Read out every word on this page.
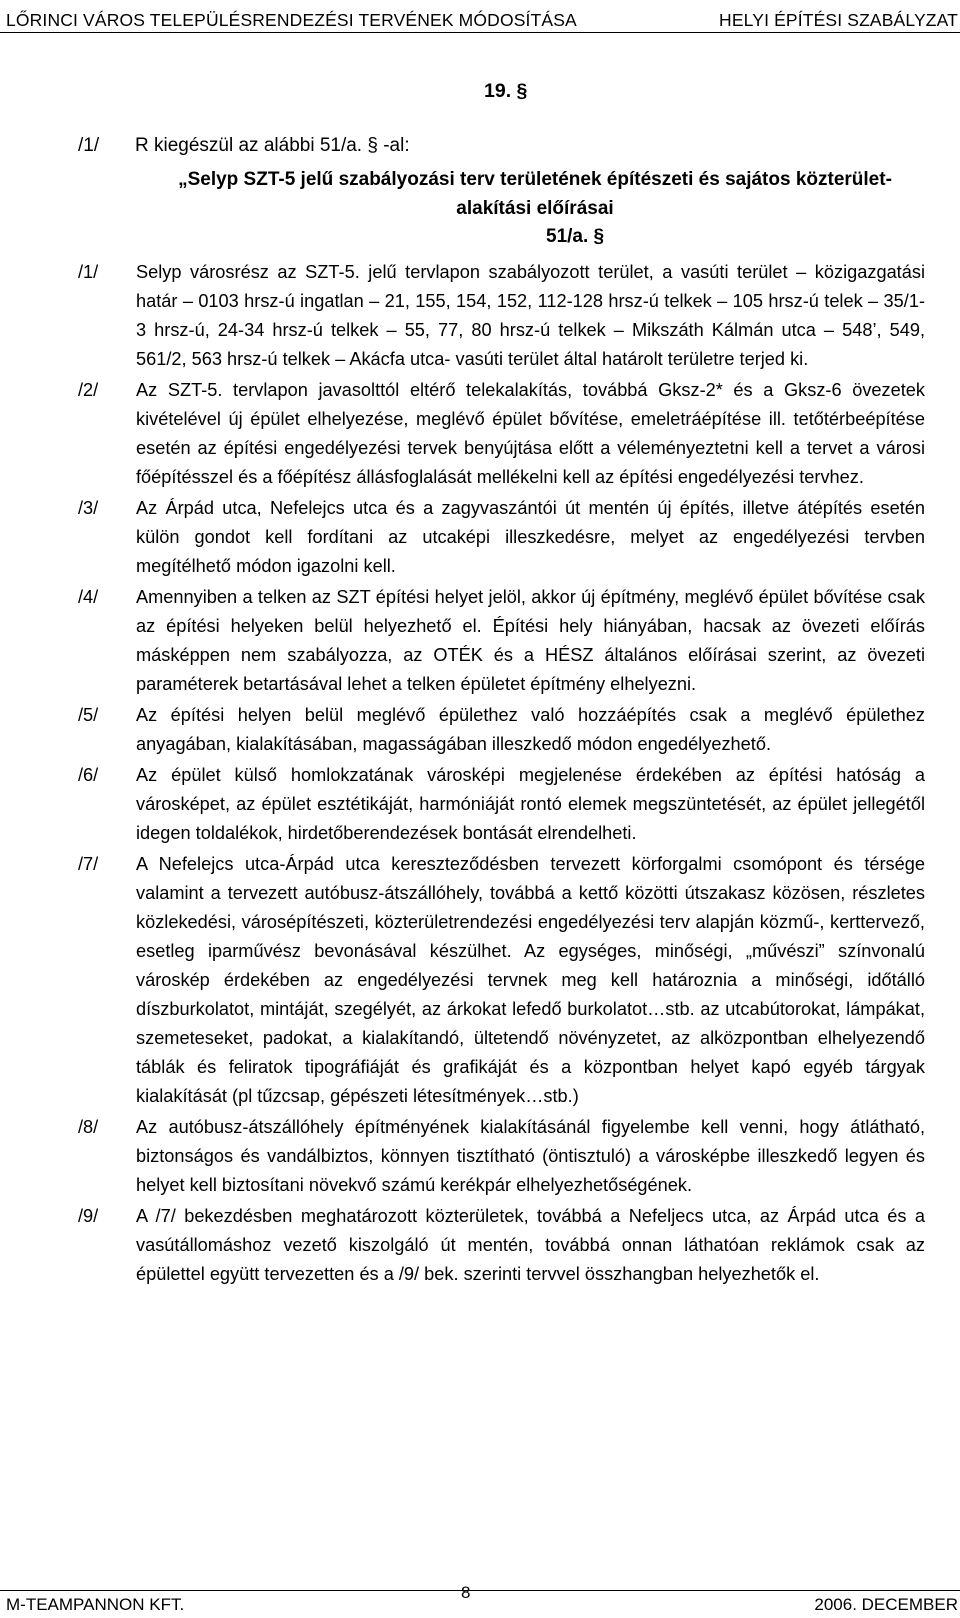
LŐRINCI VÁROS TELEPÜLÉSRENDEZÉSI TERVÉNEK MÓDOSÍTÁSA	HELYI ÉPÍTÉSI SZABÁLYZAT
19. §
/1/ R kiegészül az alábbi 51/a. § -al:
„Selyp SZT-5 jelű szabályozási terv területének építészeti és sajátos közterület-
alakítási előírásai
51/a. §
/1/ Selyp városrész az SZT-5. jelű tervlapon szabályozott terület, a vasúti terület – közigazgatási határ – 0103 hrsz-ú ingatlan – 21, 155, 154, 152, 112-128 hrsz-ú telkek – 105 hrsz-ú telek – 35/1-3 hrsz-ú, 24-34 hrsz-ú telkek – 55, 77, 80 hrsz-ú telkek – Mikszáth Kálmán utca – 548’, 549, 561/2, 563 hrsz-ú telkek – Akácfa utca- vasúti terület által határolt területre terjed ki.
/2/ Az SZT-5. tervlapon javasolttól eltérő telekalakítás, továbbá Gksz-2* és a Gksz-6 övezetek kivételével új épület elhelyezése, meglévő épület bővítése, emeletráépítése ill. tetőtérbeépítése esetén az építési engedélyezési tervek benyújtása előtt a véleményeztetni kell a tervet a városi főépítésszel és a főépítész állásfoglalását mellékelni kell az építési engedélyezési tervhez.
/3/ Az Árpád utca, Nefelejcs utca és a zagyvaszántói út mentén új építés, illetve átépítés esetén külön gondot kell fordítani az utcaképi illeszkedésre, melyet az engedélyezési tervben megítélhető módon igazolni kell.
/4/ Amennyiben a telken az SZT építési helyet jelöl, akkor új építmény, meglévő épület bővítése csak az építési helyeken belül helyezhető el. Építési hely hiányában, hacsak az övezeti előírás másképpen nem szabályozza, az OTÉK és a HÉSZ általános előírásai szerint, az övezeti paraméterek betartásával lehet a telken épületet építmény elhelyezni.
/5/ Az építési helyen belül meglévő épülethez való hozzáépítés csak a meglévő épülethez anyagában, kialakításában, magasságában illeszkedő módon engedélyezhető.
/6/ Az épület külső homlokzatának városképi megjelenése érdekében az építési hatóság a városképet, az épület esztétikáját, harmóniáját rontó elemek megszüntetését, az épület jellegétől idegen toldalékok, hirdetőberendezések bontását elrendelheti.
/7/ A Nefelejcs utca-Árpád utca kereszteződésben tervezett körforgalmi csomópont és térsége valamint a tervezett autóbusz-átszállóhely, továbbá a kettő közötti útszakasz közösen, részletes közlekedési, városépítészeti, közterületrendezési engedélyezési terv alapján közmű-, kerttervező, esetleg iparművész bevonásával készülhet. Az egységes, minőségi, „művészi” színvonalú városkép érdekében az engedélyezési tervnek meg kell határoznia a minőségi, időtálló díszburkolatot, mintáját, szegélyét, az árkokat lefedő burkolatot…stb. az utcabútorokat, lámpákat, szemeteseket, padokat, a kialakítandó, ültetendő növényzetet, az alközpontban elhelyezendő táblák és feliratok tipográfiáját és grafikáját és a központban helyet kapó egyéb tárgyak kialakítását (pl tűzcsap, gépészeti létesítmények…stb.)
/8/ Az autóbusz-átszállóhely építményének kialakításánál figyelembe kell venni, hogy átlátható, biztonságos és vandálbiztos, könnyen tisztítható (öntisztuló) a városképbe illeszkedő legyen és helyet kell biztosítani növekvő számú kerékpár elhelyezhetőségének.
/9/ A /7/ bekezdésben meghatározott közterületek, továbbá a Nefeljecs utca, az Árpád utca és a vasútállomáshoz vezető kiszolgáló út mentén, továbbá onnan láthatóan reklámok csak az épülettel együtt tervezetten és a /9/ bek. szerinti tervvel összhangban helyezhetők el.
M-TEAMPANNON KFT.
8
2006. DECEMBER
